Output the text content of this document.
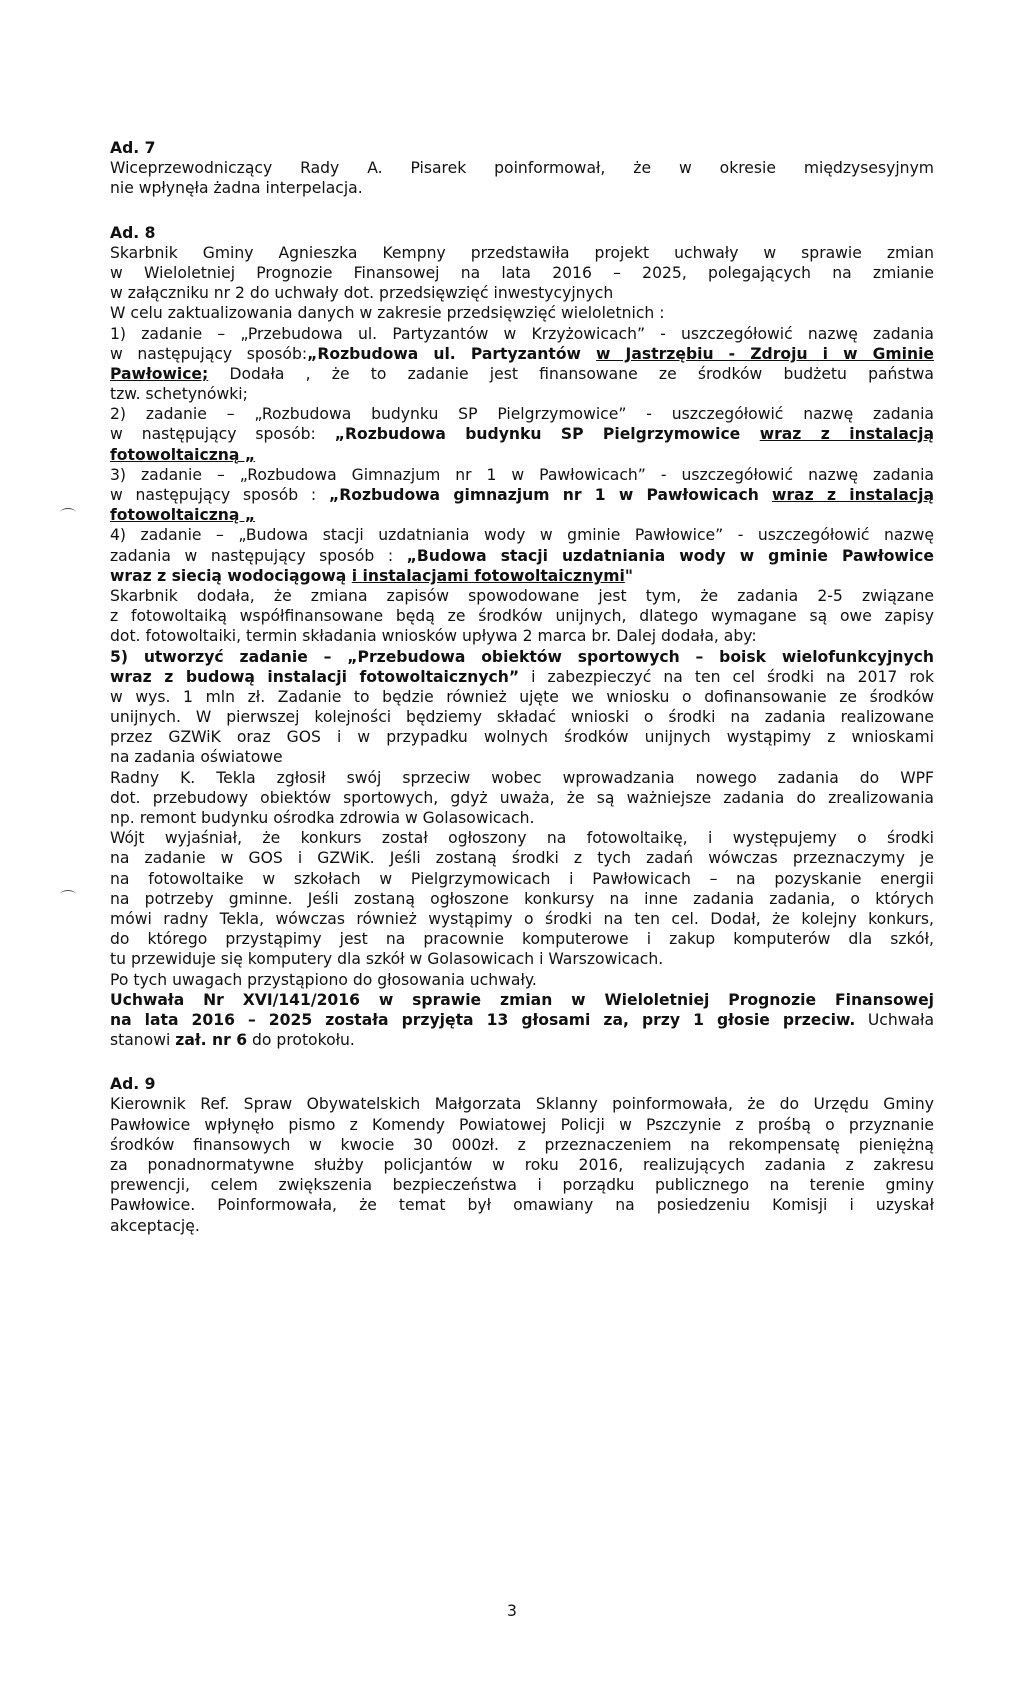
Ad. 7
Wiceprzewodniczący Rady A. Pisarek poinformował, że w okresie międzysesyjnym
nie wpłynęła żadna interpelacja.
Ad. 8
Skarbnik Gminy Agnieszka Kempny przedstawiła projekt uchwały w sprawie zmian
w Wieloletniej Prognozie Finansowej na lata 2016 – 2025, polegających na zmianie
w załączniku nr 2 do uchwały dot. przedsięwzięć inwestycyjnych
W celu zaktualizowania danych w zakresie przedsięwzięć wieloletnich :
1) zadanie – „Przebudowa ul. Partyzantów w Krzyżowicach” - uszczegółowić nazwę zadania
w następujący sposób:„Rozbudowa ul. Partyzantów w Jastrzębiu - Zdroju i w Gminie
Pawłowice; Dodała , że to zadanie jest finansowane ze środków budżetu państwa
tzw. schetynówki;
2) zadanie – „Rozbudowa budynku SP Pielgrzymowice” - uszczegółowić nazwę zadania
w następujący sposób: „Rozbudowa budynku SP Pielgrzymowice wraz z instalacją
fotowoltaiczną „
3) zadanie – „Rozbudowa Gimnazjum nr 1 w Pawłowicach” - uszczegółowić nazwę zadania
w następujący sposób : „Rozbudowa gimnazjum nr 1 w Pawłowicach wraz z instalacją
fotowoltaiczną „
4) zadanie – „Budowa stacji uzdatniania wody w gminie Pawłowice” - uszczegółowić nazwę
zadania w następujący sposób : „Budowa stacji uzdatniania wody w gminie Pawłowice
wraz z siecią wodociągową i instalacjami fotowoltaicznymi"
Skarbnik dodała, że zmiana zapisów spowodowane jest tym, że zadania 2-5 związane
z fotowoltaiką współfinansowane będą ze środków unijnych, dlatego wymagane są owe zapisy
dot. fotowoltaiki, termin składania wniosków upływa 2 marca br. Dalej dodała, aby:
5) utworzyć zadanie – „Przebudowa obiektów sportowych – boisk wielofunkcyjnych
wraz z budową instalacji fotowoltaicznych” i zabezpieczyć na ten cel środki na 2017 rok
w wys. 1 mln zł. Zadanie to będzie również ujęte we wniosku o dofinansowanie ze środków
unijnych. W pierwszej kolejności będziemy składać wnioski o środki na zadania realizowane
przez GZWiK oraz GOS i w przypadku wolnych środków unijnych wystąpimy z wnioskami
na zadania oświatowe
Radny K. Tekla zgłosił swój sprzeciw wobec wprowadzania nowego zadania do WPF
dot. przebudowy obiektów sportowych, gdyż uważa, że są ważniejsze zadania do zrealizowania
np. remont budynku ośrodka zdrowia w Golasowicach.
Wójt wyjaśniał, że konkurs został ogłoszony na fotowoltaikę, i występujemy o środki
na zadanie w GOS i GZWiK. Jeśli zostaną środki z tych zadań wówczas przeznaczymy je
na fotowoltaike w szkołach w Pielgrzymowicach i Pawłowicach – na pozyskanie energii
na potrzeby gminne. Jeśli zostaną ogłoszone konkursy na inne zadania zadania, o których
mówi radny Tekla, wówczas również wystąpimy o środki na ten cel. Dodał, że kolejny konkurs,
do którego przystąpimy jest na pracownie komputerowe i zakup komputerów dla szkół,
tu przewiduje się komputery dla szkół w Golasowicach i Warszowicach.
Po tych uwagach przystąpiono do głosowania uchwały.
Uchwała Nr XVI/141/2016 w sprawie zmian w Wieloletniej Prognozie Finansowej
na lata 2016 – 2025 została przyjęta 13 głosami za, przy 1 głosie przeciw. Uchwała
stanowi zał. nr 6 do protokołu.
Ad. 9
Kierownik Ref. Spraw Obywatelskich Małgorzata Sklanny poinformowała, że do Urzędu Gminy
Pawłowice wpłynęło pismo z Komendy Powiatowej Policji w Pszczynie z prośbą o przyznanie
środków finansowych w kwocie 30 000zł. z przeznaczeniem na rekompensatę pieniężną
za ponadnormatywne służby policjantów w roku 2016, realizujących zadania z zakresu
prewencji, celem zwiększenia bezpieczeństwa i porządku publicznego na terenie gminy
Pawłowice. Poinformowała, że temat był omawiany na posiedzeniu Komisji i uzyskał
akceptację.
3
